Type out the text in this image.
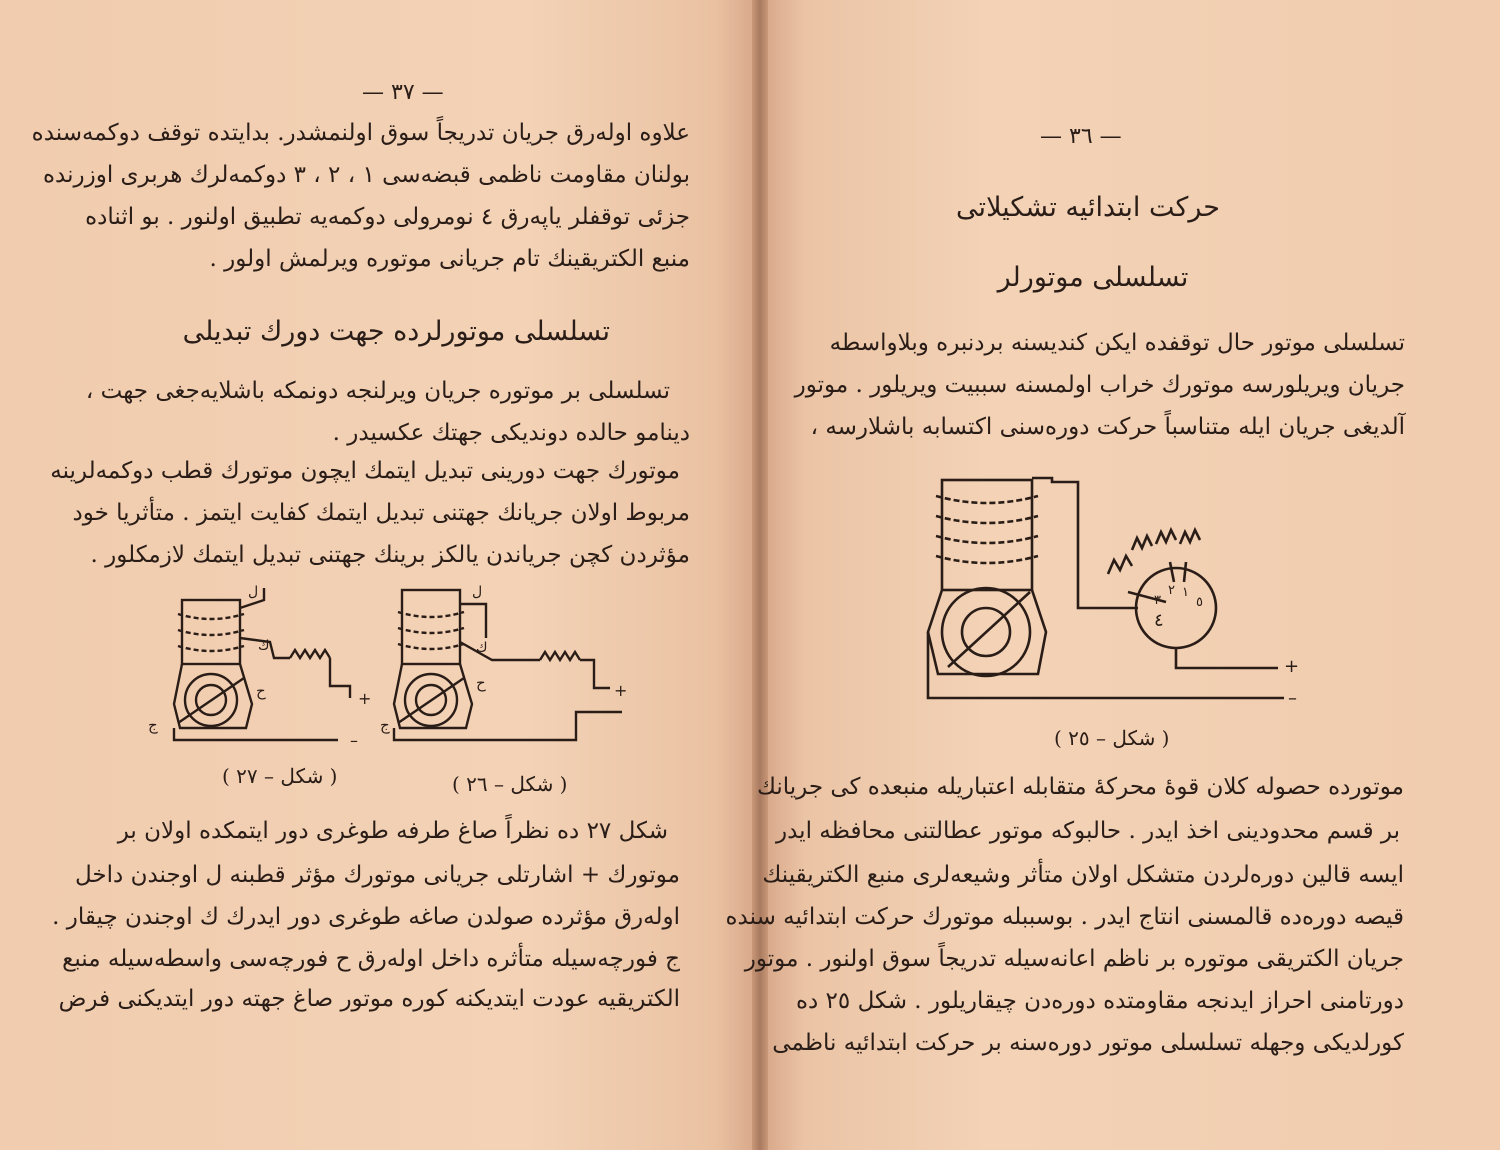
— ٣٧ —
علاوه اولەرق جریان تدریجاً سوق اولنمشدر. بدایتده توقف دوكمەسنده
بولنان مقاومت ناظمی قبضەسی ١ ، ٢ ، ٣ دوكمەلرك هربری اوزرنده
جزئی توقفلر یاپەرق ٤ نومرولی دوكمەیه تطبیق اولنور . بو اثناده
منبع الكتریقینك تام جریانی موتوره ویرلمش اولور .
تسلسلی موتورلرده جهت دورك تبدیلی
تسلسلی بر موتوره جریان ویرلنجه دونمکه باشلایەجغی جهت ،
دینامو حالده دوندیکی جهتك عکسیدر .
موتورك جهت دورینی تبدیل ایتمك ایچون موتورك قطب دوكمەلرینه
مربوط اولان جریانك جهتنی تبدیل ایتمك كفایت ایتمز . متأثریا خود
مؤثردن كچن جریاندن یالکز برینك جهتنی تبدیل ایتمك لازمکلور .
ل
ك
ح
ج
+
–
ل
ك
ح
ج
+
( شکل – ٢٧ )	( شکل – ٢٦ )
شکل ٢٧ ده نظراً صاغ طرفه طوغری دور ایتمکده اولان بر
موتورك + اشارتلی جریانی موتورك مؤثر قطبنه ل اوجندن داخل
اولەرق مؤثرده صولدن صاغه طوغری دور ایدرك ك اوجندن چیقار .
ج فورچەسیله متأثره داخل اولەرق ح فورچەسی واسطەسیله منبع
الكتریقیه عودت ایتدیکنه کوره موتور صاغ جهته دور ایتدیکنی فرض
— ٣٦ —
حرکت ابتدائیه تشکیلاتی
تسلسلی موتورلر
تسلسلی موتور حال توقفده ایکن کندیسنه بردنبره وبلاواسطه
جریان ویریلورسه موتورك خراب اولمسنه سببیت ویریلور . موتور
آلدیغی جریان ایله متناسباً حرکت دورەسنی اکتسابه باشلارسه ،
٤
٣
٢ ١
٥
+
–
( شکل – ٢٥ )
موتورده حصوله کلان قوهٔ محرکهٔ متقابله اعتباریله منبعده کی جریانك
بر قسم محدودینی اخذ ایدر . حالبوکه موتور عطالتنی محافظه ایدر
ایسه قالین دورەلردن متشکل اولان متأثر وشیعەلری منبع الكتریقینك
قیصه دورەده قالمسنی انتاج ایدر . بوسببله موتورك حرکت ابتدائیه سنده
جریان الكتریقی موتوره بر ناظم اعانەسیله تدریجاً سوق اولنور . موتور
دورتامنی احراز ایدنجه مقاومتده دورەدن چیقاریلور . شکل ٢٥ ده
کورلدیکی وجهله تسلسلی موتور دورەسنه بر حرکت ابتدائیه ناظمی
